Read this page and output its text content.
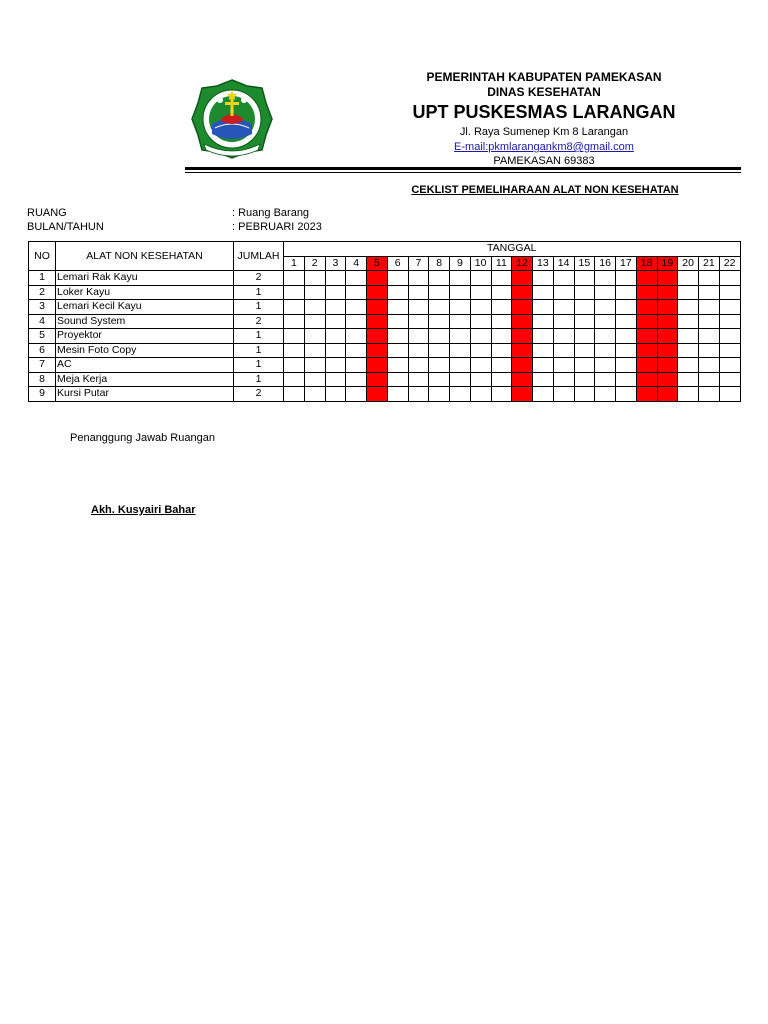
PEMERINTAH KABUPATEN PAMEKASAN
DINAS KESEHATAN
UPT PUSKESMAS LARANGAN
Jl. Raya Sumenep Km 8 Larangan
E-mail:pkmlarangankm8@gmail.com
PAMEKASAN 69383
CEKLIST PEMELIHARAAN ALAT NON KESEHATAN
RUANG	: Ruang Barang
BULAN/TAHUN	: PEBRUARI 2023
NO	ALAT NON KESEHATAN	JUMLAH	TANGGAL																					
			1	2	3	4	5	6	7	8	9	10	11	12	13	14	15	16	17	18	19	20	21	22
1	Lemari Rak Kayu	2																						
2	Loker Kayu	1																						
3	Lemari Kecil Kayu	1																						
4	Sound System	2																						
5	Proyektor	1																						
6	Mesin Foto Copy	1																						
7	AC	1																						
8	Meja Kerja	1																						
9	Kursi Putar	2																						
Penanggung Jawab Ruangan
Akh. Kusyairi Bahar
